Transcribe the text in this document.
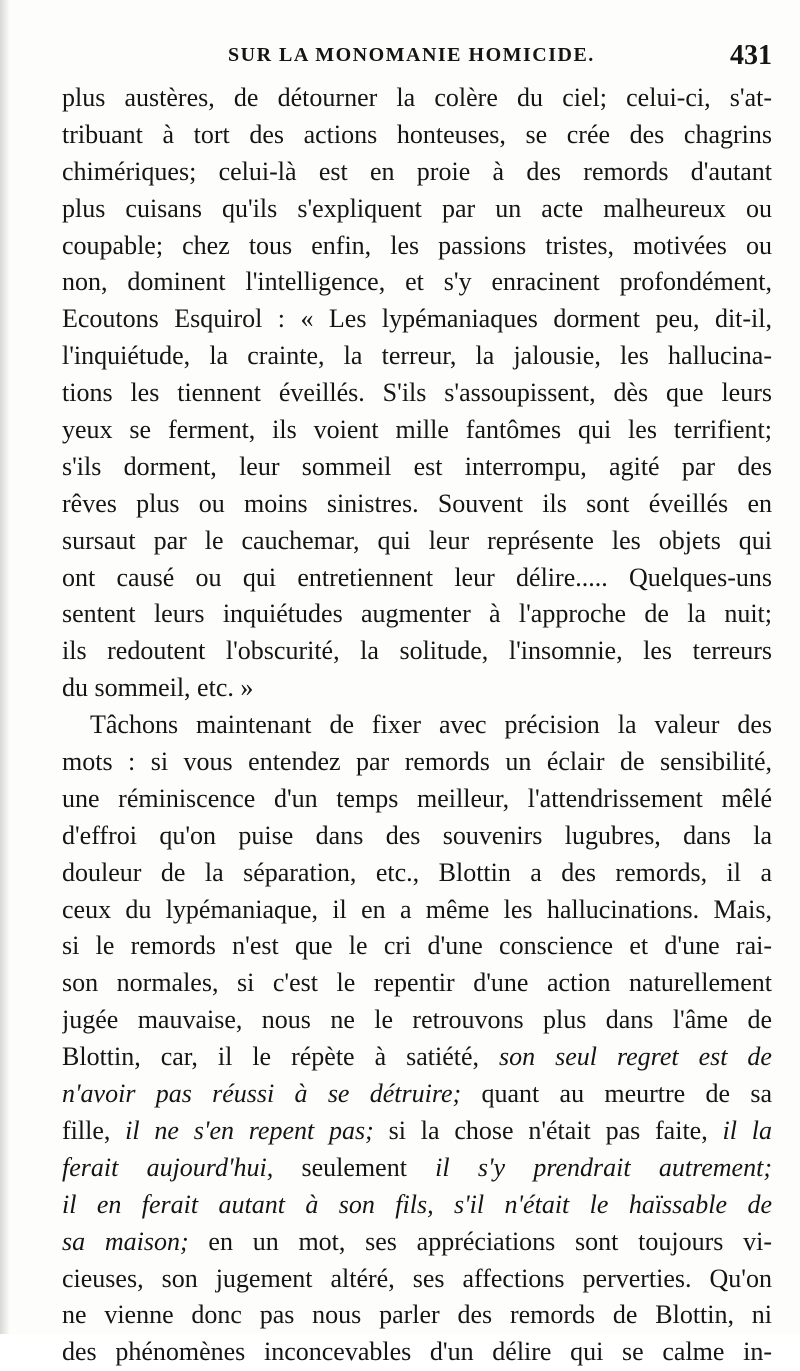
SUR LA MONOMANIE HOMICIDE.	431
plus austères, de détourner la colère du ciel; celui-ci, s'at-
tribuant à tort des actions honteuses, se crée des chagrins
chimériques; celui-là est en proie à des remords d'autant
plus cuisans qu'ils s'expliquent par un acte malheureux ou
coupable; chez tous enfin, les passions tristes, motivées ou
non, dominent l'intelligence, et s'y enracinent profondément,
Ecoutons Esquirol : « Les lypémaniaques dorment peu, dit-il,
l'inquiétude, la crainte, la terreur, la jalousie, les hallucina-
tions les tiennent éveillés. S'ils s'assoupissent, dès que leurs
yeux se ferment, ils voient mille fantômes qui les terrifient;
s'ils dorment, leur sommeil est interrompu, agité par des
rêves plus ou moins sinistres. Souvent ils sont éveillés en
sursaut par le cauchemar, qui leur représente les objets qui
ont causé ou qui entretiennent leur délire..... Quelques-uns
sentent leurs inquiétudes augmenter à l'approche de la nuit;
ils redoutent l'obscurité, la solitude, l'insomnie, les terreurs
du sommeil, etc. »
Tâchons maintenant de fixer avec précision la valeur des
mots : si vous entendez par remords un éclair de sensibilité,
une réminiscence d'un temps meilleur, l'attendrissement mêlé
d'effroi qu'on puise dans des souvenirs lugubres, dans la
douleur de la séparation, etc., Blottin a des remords, il a
ceux du lypémaniaque, il en a même les hallucinations. Mais,
si le remords n'est que le cri d'une conscience et d'une rai-
son normales, si c'est le repentir d'une action naturellement
jugée mauvaise, nous ne le retrouvons plus dans l'âme de
Blottin, car, il le répète à satiété, son seul regret est de
n'avoir pas réussi à se détruire; quant au meurtre de sa
fille, il ne s'en repent pas; si la chose n'était pas faite, il la
ferait aujourd'hui, seulement il s'y prendrait autrement;
il en ferait autant à son fils, s'il n'était le haïssable de
sa maison; en un mot, ses appréciations sont toujours vi-
cieuses, son jugement altéré, ses affections perverties. Qu'on
ne vienne donc pas nous parler des remords de Blottin, ni
des phénomènes inconcevables d'un délire qui se calme in-
